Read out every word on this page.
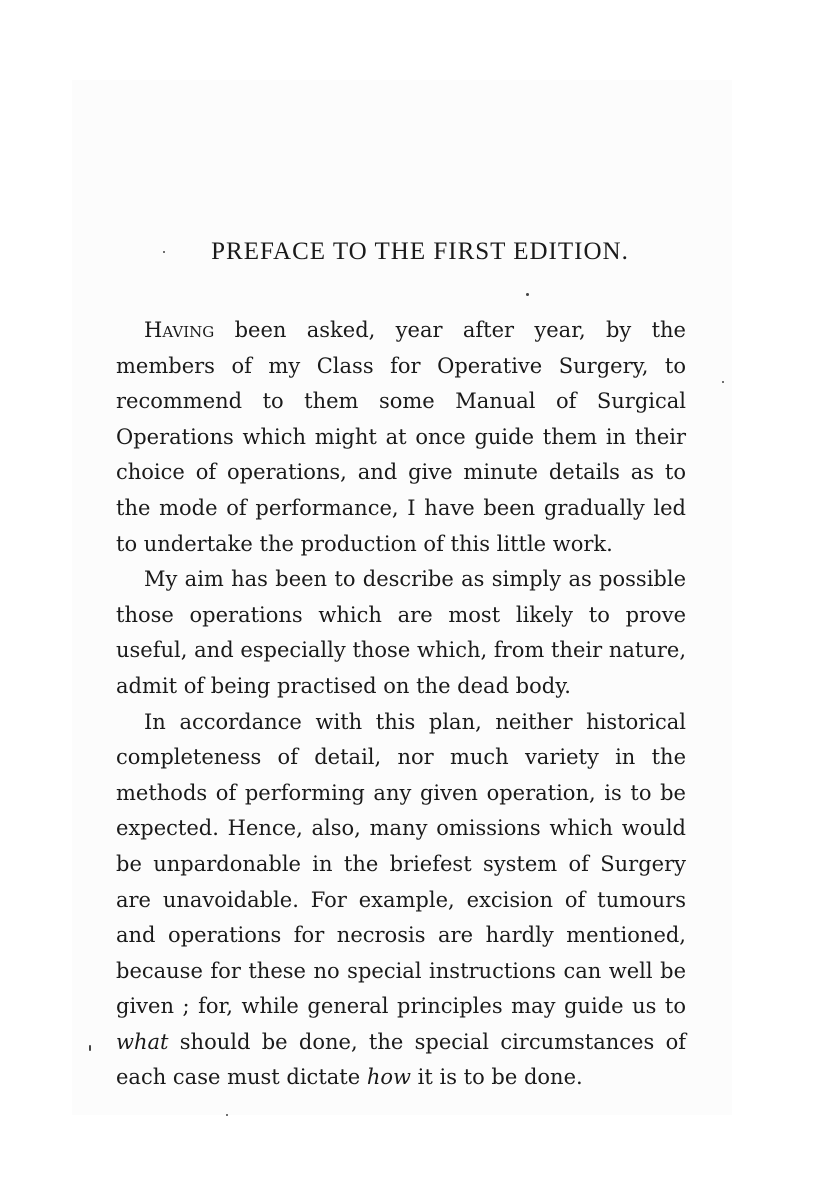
PREFACE TO THE FIRST EDITION.

Having been asked, year after year, by the members of my Class for Operative Surgery, to recommend to them some Manual of Surgical Operations which might at once guide them in their choice of operations, and give minute details as to the mode of performance, I have been gradually led to undertake the production of this little work.

My aim has been to describe as simply as possible those operations which are most likely to prove useful, and especially those which, from their nature, admit of being practised on the dead body.

In accordance with this plan, neither historical completeness of detail, nor much variety in the methods of performing any given operation, is to be expected. Hence, also, many omissions which would be unpardonable in the briefest system of Surgery are unavoidable. For example, excision of tumours and operations for necrosis are hardly mentioned, because for these no special instructions can well be given ; for, while general principles may guide us to what should be done, the special circumstances of each case must dictate how it is to be done.
